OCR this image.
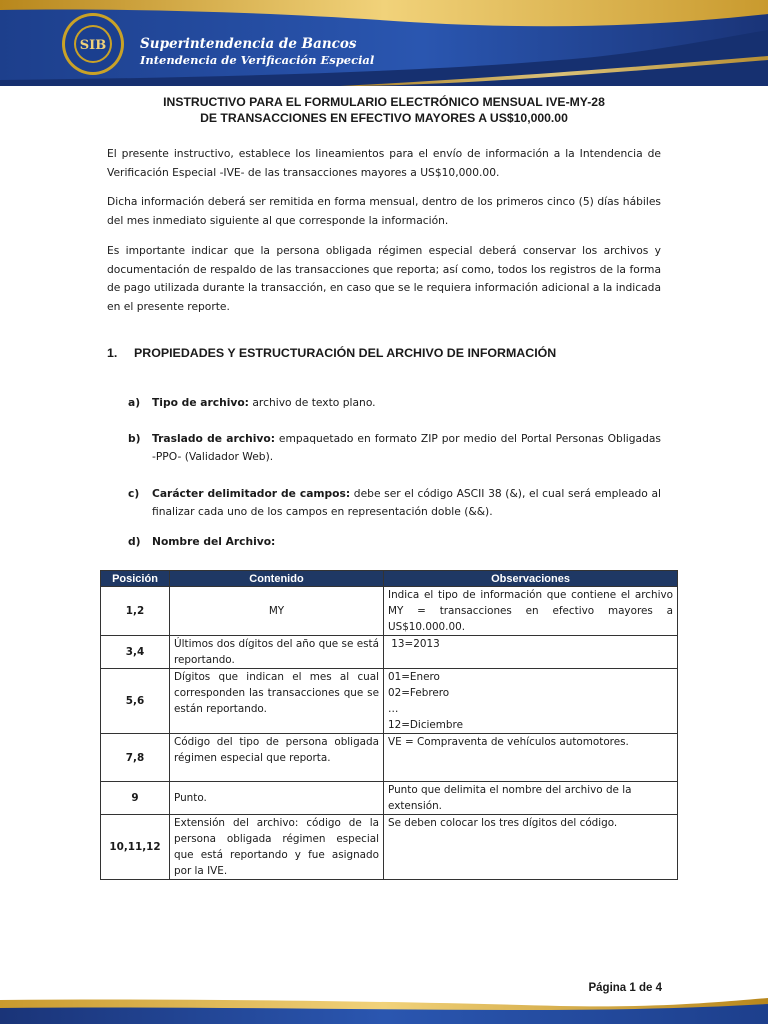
SIB	Superintendencia de Bancos
Intendencia de Verificación Especial
INSTRUCTIVO PARA EL FORMULARIO ELECTRÓNICO MENSUAL IVE-MY-28
DE TRANSACCIONES EN EFECTIVO MAYORES A US$10,000.00
El presente instructivo, establece los lineamientos para el envío de información a la Intendencia de Verificación Especial -IVE- de las transacciones mayores a US$10,000.00.
Dicha información deberá ser remitida en forma mensual, dentro de los primeros cinco (5) días hábiles del mes inmediato siguiente al que corresponde la información.
Es importante indicar que la persona obligada régimen especial deberá conservar los archivos y documentación de respaldo de las transacciones que reporta; así como, todos los registros de la forma de pago utilizada durante la transacción, en caso que se le requiera información adicional a la indicada en el presente reporte.
1. PROPIEDADES Y ESTRUCTURACIÓN DEL ARCHIVO DE INFORMACIÓN
a) Tipo de archivo: archivo de texto plano.
b) Traslado de archivo: empaquetado en formato ZIP por medio del Portal Personas Obligadas -PPO- (Validador Web).
c) Carácter delimitador de campos: debe ser el código ASCII 38 (&), el cual será empleado al finalizar cada uno de los campos en representación doble (&&).
d) Nombre del Archivo:
Posición	Contenido	Observaciones
1,2	MY	Indica el tipo de información que contiene el archivo MY = transacciones en efectivo mayores a US$10.000.00.
3,4	Últimos dos dígitos del año que se está reportando.	13=2013
5,6	Dígitos que indican el mes al cual corresponden las transacciones que se están reportando.	01=Enero
02=Febrero
…
12=Diciembre

7,8	Código del tipo de persona obligada régimen especial que reporta.	VE = Compraventa de vehículos automotores.
9	Punto.	Punto que delimita el nombre del archivo de la extensión.
10,11,12	Extensión del archivo: código de la persona obligada régimen especial que está reportando y fue asignado por la IVE.	Se deben colocar los tres dígitos del código.
Página 1 de 4
